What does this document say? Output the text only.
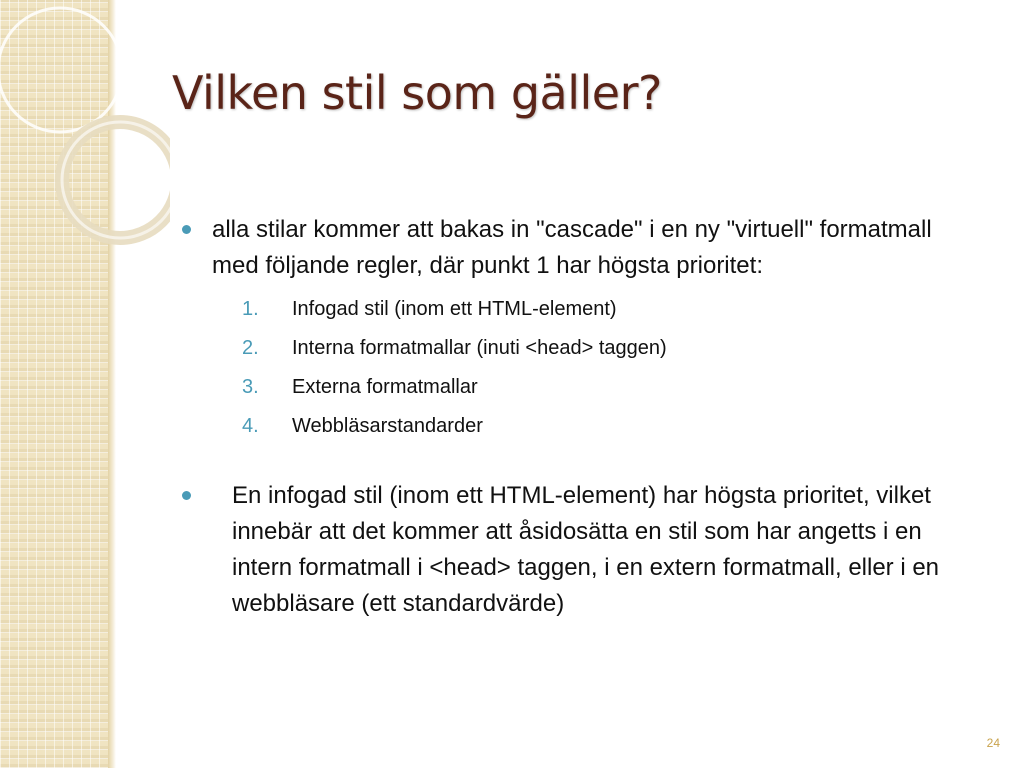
Vilken stil som gäller?
alla stilar kommer att bakas in "cascade" i en ny "virtuell" formatmall med följande regler, där punkt 1 har högsta prioritet:
1. Infogad stil (inom ett HTML-element)
2. Interna formatmallar (inuti <head> taggen)
3. Externa formatmallar
4. Webbläsarstandarder
En infogad stil (inom ett HTML-element) har högsta prioritet, vilket innebär att det kommer att åsidosätta en stil som har angetts i en intern formatmall i <head> taggen, i en extern formatmall, eller i en webbläsare (ett standardvärde)
24
